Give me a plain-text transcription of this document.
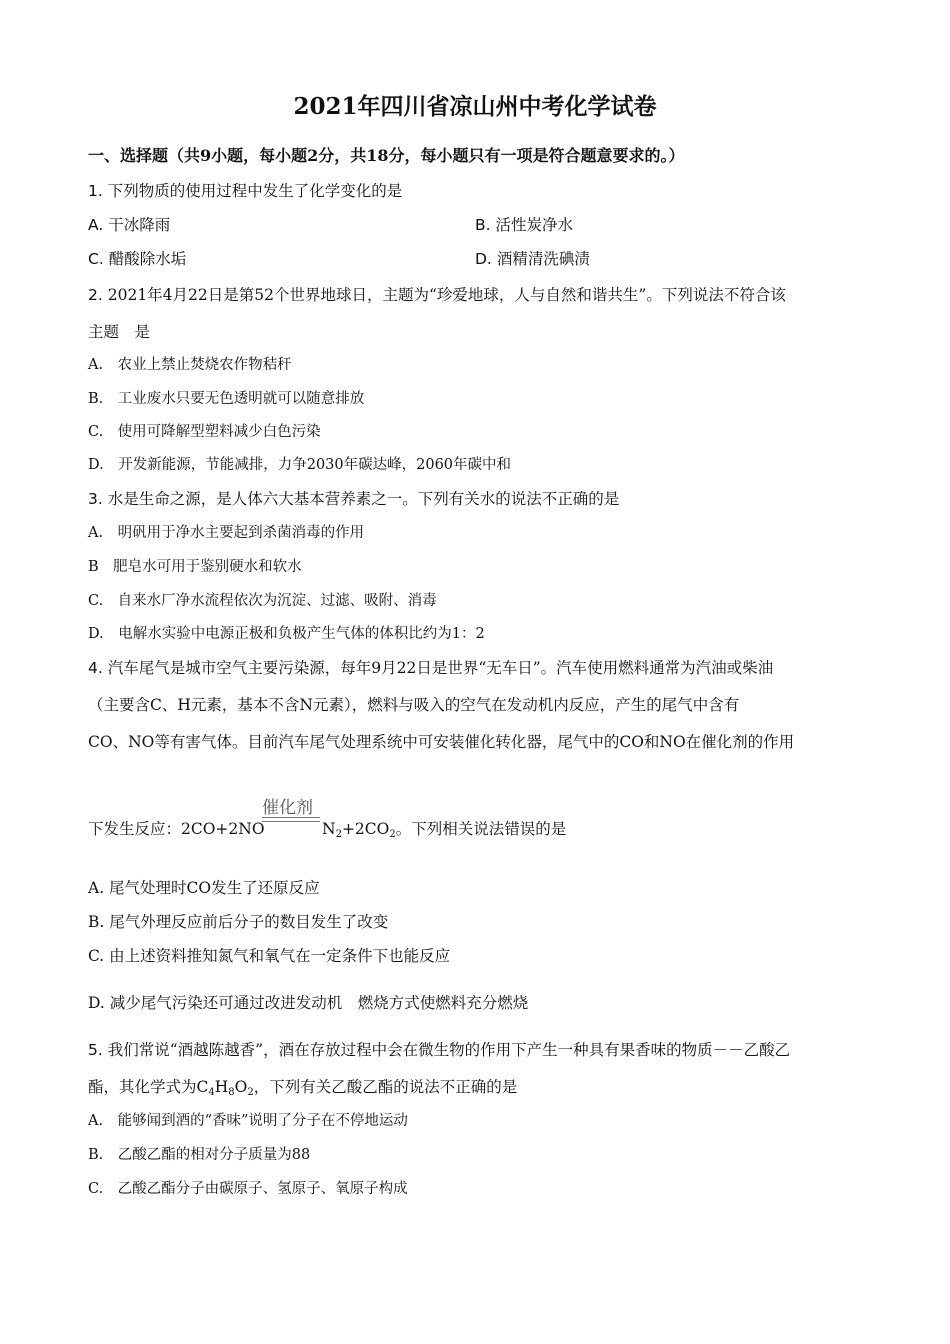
2021年四川省凉山州中考化学试卷
一、选择题（共9小题，每小题2分，共18分，每小题只有一项是符合题意要求的。）
1. 下列物质的使用过程中发生了化学变化的是
A. 干冰降雨	B. 活性炭净水
C. 醋酸除水垢	D. 酒精清洗碘渍
2. 2021年4月22日是第52个世界地球日，主题为“珍爱地球，人与自然和谐共生”。下列说法不符合该
主题　是
A.　农业上禁止焚烧农作物秸秆
B.　工业废水只要无色透明就可以随意排放
C.　使用可降解型塑料减少白色污染
D.　开发新能源，节能减排，力争2030年碳达峰，2060年碳中和
3. 水是生命之源，是人体六大基本营养素之一。下列有关水的说法不正确的是
A.　明矾用于净水主要起到杀菌消毒的作用
B　肥皂水可用于鉴别硬水和软水
C.　自来水厂净水流程依次为沉淀、过滤、吸附、消毒
D.　电解水实验中电源正极和负极产生气体的体积比约为1：2
4. 汽车尾气是城市空气主要污染源，每年9月22日是世界“无车日”。汽车使用燃料通常为汽油或柴油
（主要含C、H元素，基本不含N元素），燃料与吸入的空气在发动机内反应，产生的尾气中含有
CO、NO等有害气体。目前汽车尾气处理系统中可安装催化转化器，尾气中的CO和NO在催化剂的作用
催化剂
下发生反应：2CO+2NO	$N_2+2CO_2$。下列相关说法错误的是
A. 尾气处理时CO发生了还原反应
B. 尾气外理反应前后分子的数目发生了改变
C. 由上述资料推知氮气和氧气在一定条件下也能反应
D. 减少尾气污染还可通过改进发动机　燃烧方式使燃料充分燃烧
5. 我们常说“酒越陈越香”，酒在存放过程中会在微生物的作用下产生一种具有果香味的物质－－乙酸乙
酯，其化学式为$C_4H_8O_2$，下列有关乙酸乙酯的说法不正确的是
A.　能够闻到酒的“香味”说明了分子在不停地运动
B.　乙酸乙酯的相对分子质量为88
C.　乙酸乙酯分子由碳原子、氢原子、氧原子构成
